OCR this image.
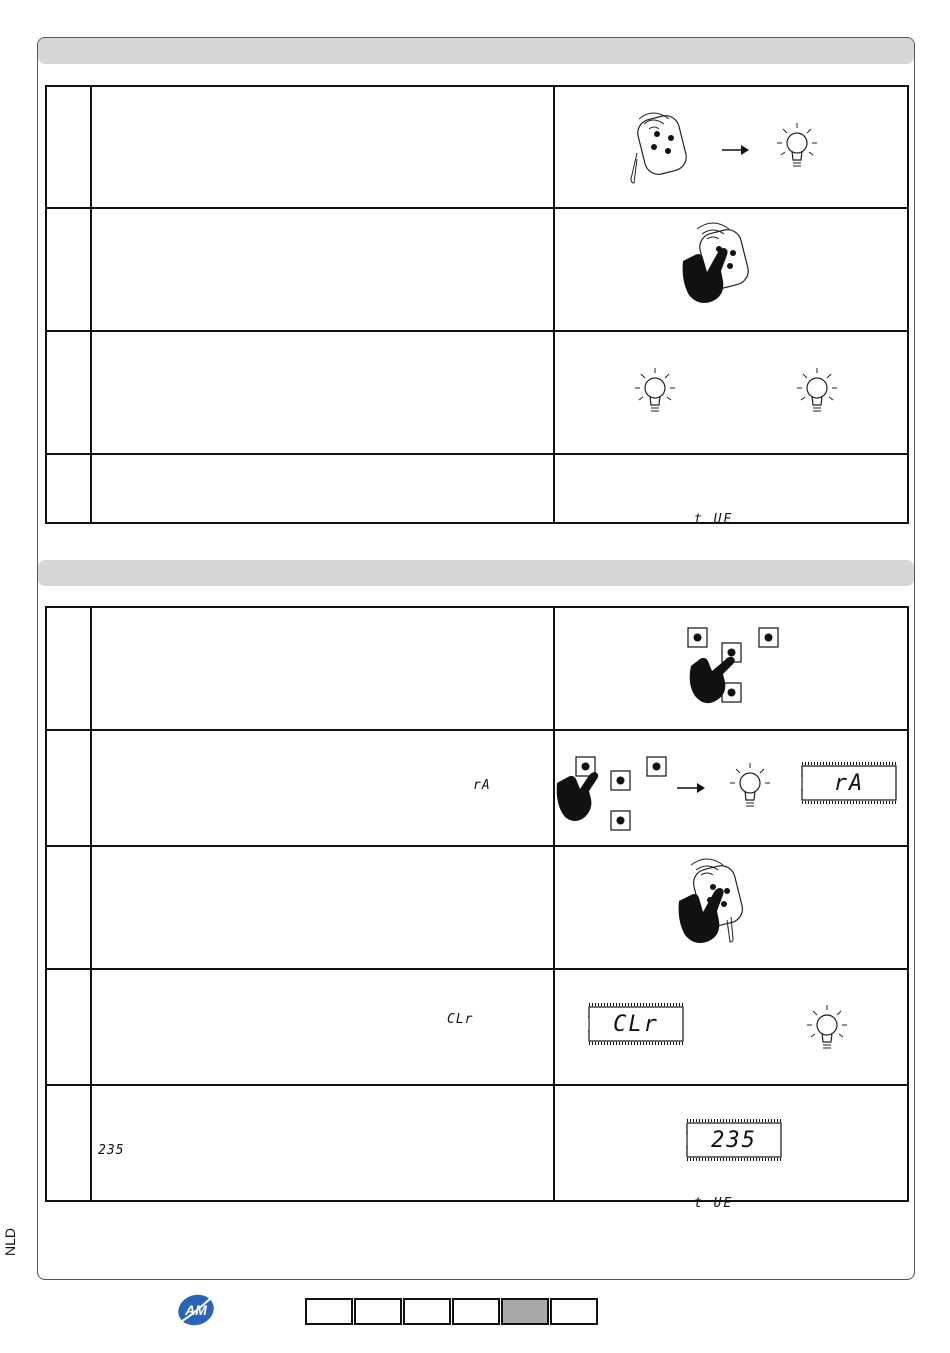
t UE

	rA	rA

	CLr	CLr

	235	235
t UE
NLD
AM
